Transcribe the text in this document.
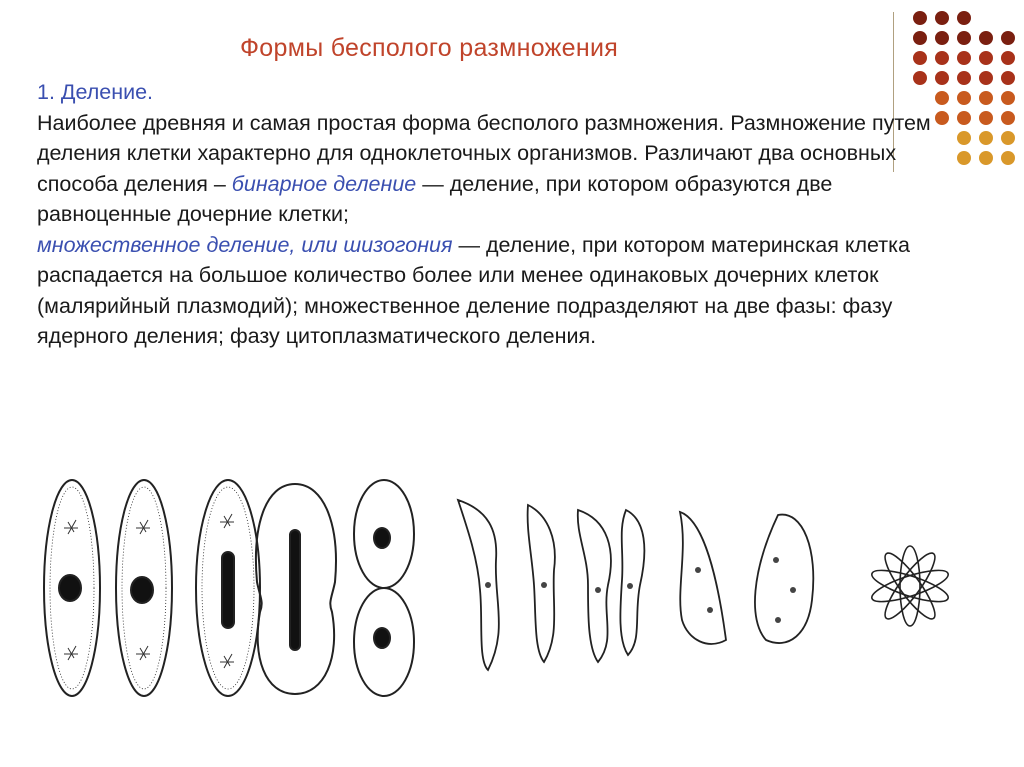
Формы бесполого размножения

1. Деление.

Наиболее древняя и самая простая форма бесполого размножения. Размножение путем деления клетки характерно для одноклеточных организмов. Различают два основных способа деления – бинарное деление — деление, при котором образуются две равноценные дочерние клетки;

множественное деление, или шизогония — деление, при котором материнская клетка распадается на большое количество более или менее одинаковых дочерних клеток (малярийный плазмодий); множественное деление подразделяют на две фазы: фазу ядерного деления; фазу цитоплазматического деления.
